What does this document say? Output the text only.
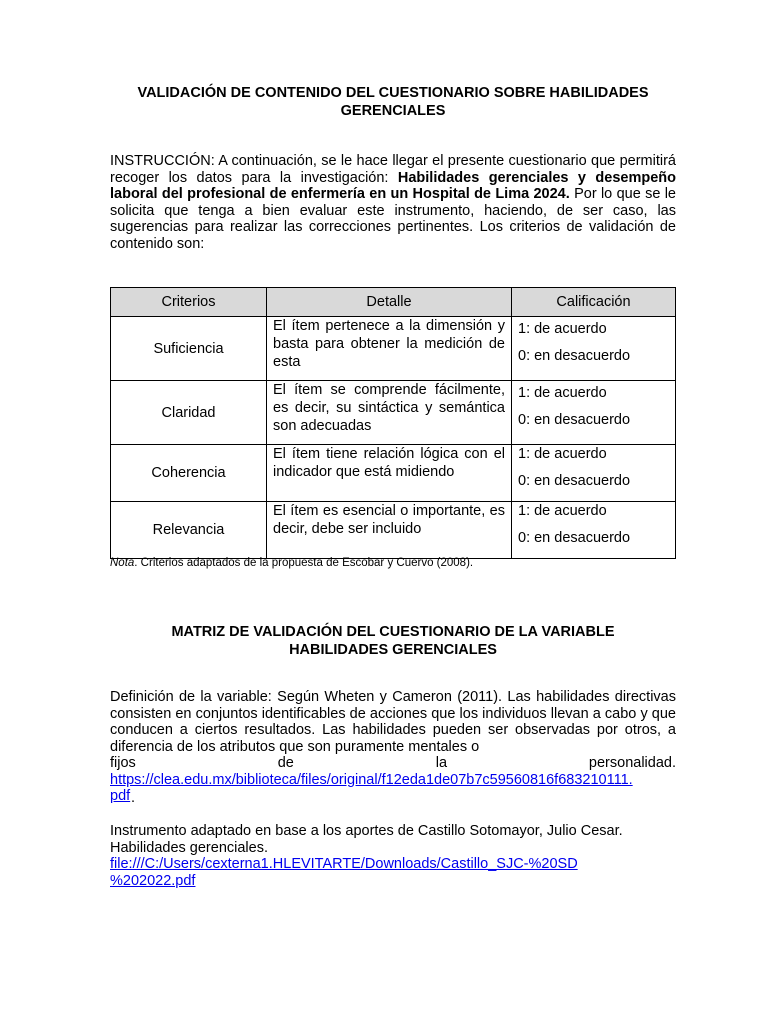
VALIDACIÓN DE CONTENIDO DEL CUESTIONARIO SOBRE HABILIDADES
GERENCIALES
INSTRUCCIÓN: A continuación, se le hace llegar el presente cuestionario que permitirá recoger los datos para la investigación: Habilidades gerenciales y desempeño laboral del profesional de enfermería en un Hospital de Lima 2024. Por lo que se le solicita que tenga a bien evaluar este instrumento, haciendo, de ser caso, las sugerencias para realizar las correcciones pertinentes. Los criterios de validación de contenido son:
Criterios	Detalle	Calificación
Suficiencia	El ítem pertenece a la dimensión y basta para obtener la medición de esta	1: de acuerdo
0: en desacuerdo

Claridad	El ítem se comprende fácilmente, es decir, su sintáctica y semántica son adecuadas	1: de acuerdo
0: en desacuerdo

Coherencia	El ítem tiene relación lógica con el indicador que está midiendo	1: de acuerdo
0: en desacuerdo

Relevancia	El ítem es esencial o importante, es decir, debe ser incluido	1: de acuerdo
0: en desacuerdo
Nota. Criterios adaptados de la propuesta de Escobar y Cuervo (2008).
MATRIZ DE VALIDACIÓN DEL CUESTIONARIO DE LA VARIABLE
HABILIDADES GERENCIALES
Definición de la variable: Según Wheten y Cameron (2011). Las habilidades directivas consisten en conjuntos identificables de acciones que los individuos llevan a cabo y que conducen a ciertos resultados. Las habilidades pueden ser observadas por otros, a diferencia de los atributos que son puramente mentales o
fijos de la personalidad.
https://clea.edu.mx/biblioteca/files/original/f12eda1de07b7c59560816f683210111.
pdf .
Instrumento adaptado en base a los aportes de Castillo Sotomayor, Julio Cesar.
Habilidades gerenciales.
file:///C:/Users/cexterna1.HLEVITARTE/Downloads/Castillo_SJC-%20SD
%202022.pdf
